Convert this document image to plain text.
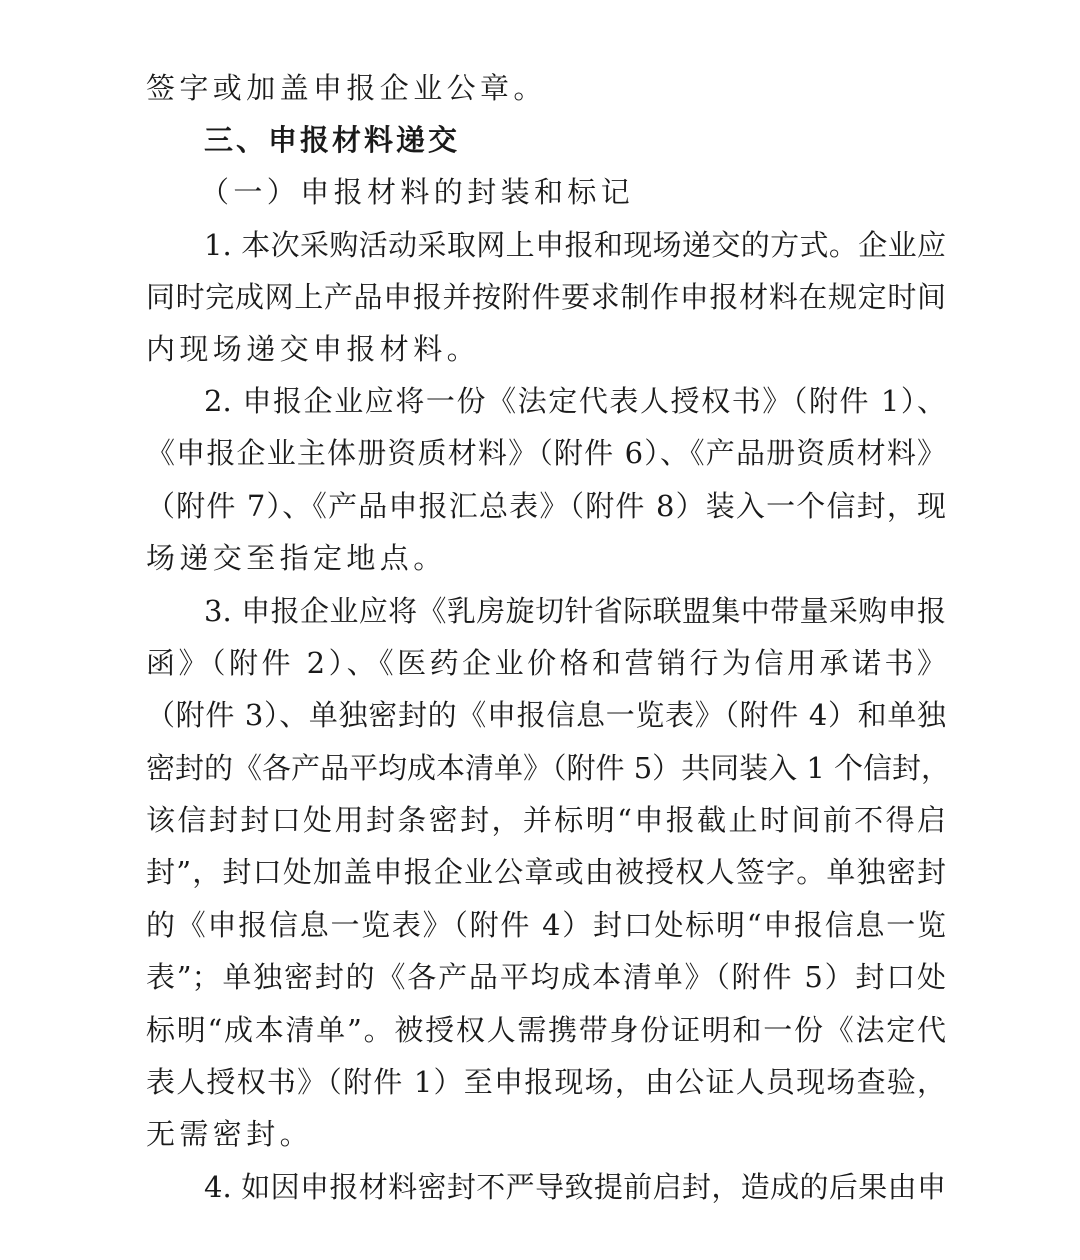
签字或加盖申报企业公章。
三、申报材料递交
（一）申报材料的封装和标记
1. 本次采购活动采取网上申报和现场递交的方式。企业应
同时完成网上产品申报并按附件要求制作申报材料在规定时间
内现场递交申报材料。
2. 申报企业应将一份《法定代表人授权书》（附件 1）、
《申报企业主体册资质材料》（附件 6）、《产品册资质材料》
（附件 7）、《产品申报汇总表》（附件 8）装入一个信封，现
场递交至指定地点。
3. 申报企业应将《乳房旋切针省际联盟集中带量采购申报
函》（附件 2）、《医药企业价格和营销行为信用承诺书》
（附件 3）、单独密封的《申报信息一览表》（附件 4）和单独
密封的《各产品平均成本清单》（附件 5）共同装入 1 个信封，
该信封封口处用封条密封，并标明“申报截止时间前不得启
封”，封口处加盖申报企业公章或由被授权人签字。单独密封
的《申报信息一览表》（附件 4）封口处标明“申报信息一览
表”；单独密封的《各产品平均成本清单》（附件 5）封口处
标明“成本清单”。被授权人需携带身份证明和一份《法定代
表人授权书》（附件 1）至申报现场，由公证人员现场查验，
无需密封。
4. 如因申报材料密封不严导致提前启封，造成的后果由申
